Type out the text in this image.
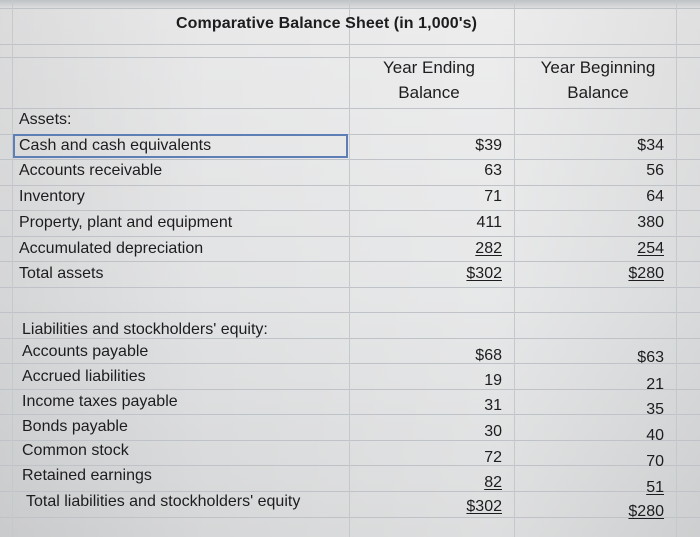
Comparative Balance Sheet (in 1,000's)
Year Ending
Balance
Year Beginning
Balance
Assets:
Cash and cash equivalents	$39	$34
Accounts receivable	63	56
Inventory	71	64
Property, plant and equipment	411	380
Accumulated depreciation	282	254
Total assets	$302	$280
Liabilities and stockholders' equity:
Accounts payable	$68	$63
Accrued liabilities	19	21
Income taxes payable	31	35
Bonds payable	30	40
Common stock	72	70
Retained earnings	82	51
Total liabilities and stockholders' equity	$302	$280
